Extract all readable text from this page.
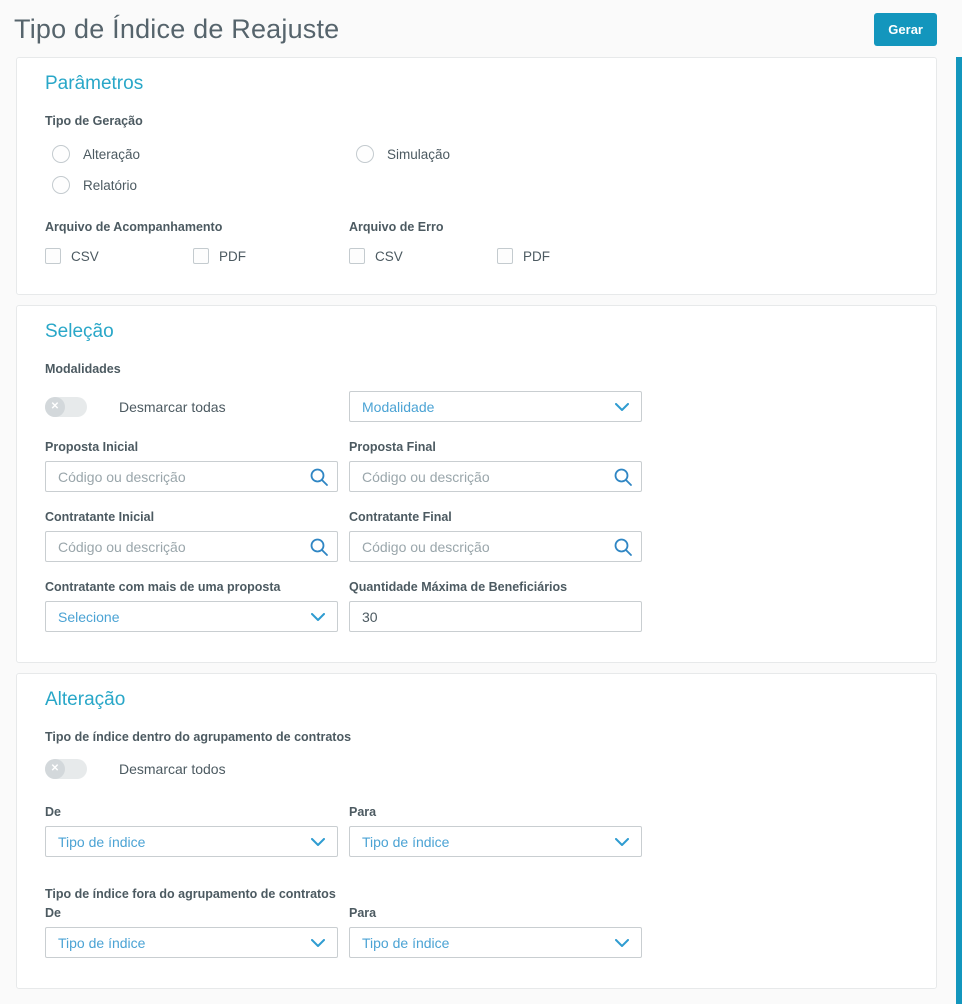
Tipo de Índice de Reajuste	Gerar
Parâmetros
Tipo de Geração
Alteração	Simulação
Relatório
Arquivo de Acompanhamento	Arquivo de Erro
CSV	PDF	CSV	PDF
Seleção
Modalidades
✕	Desmarcar todas	Modalidade
Proposta Inicial	Proposta Final
Código ou descrição
Código ou descrição
Contratante Inicial	Contratante Final
Código ou descrição
Código ou descrição
Contratante com mais de uma proposta	Quantidade Máxima de Beneficiários
Selecione
30
Alteração
Tipo de índice dentro do agrupamento de contratos
✕	Desmarcar todos
De	Para
Tipo de índice	Tipo de índice
Tipo de índice fora do agrupamento de contratos
De	Para
Tipo de índice	Tipo de índice
